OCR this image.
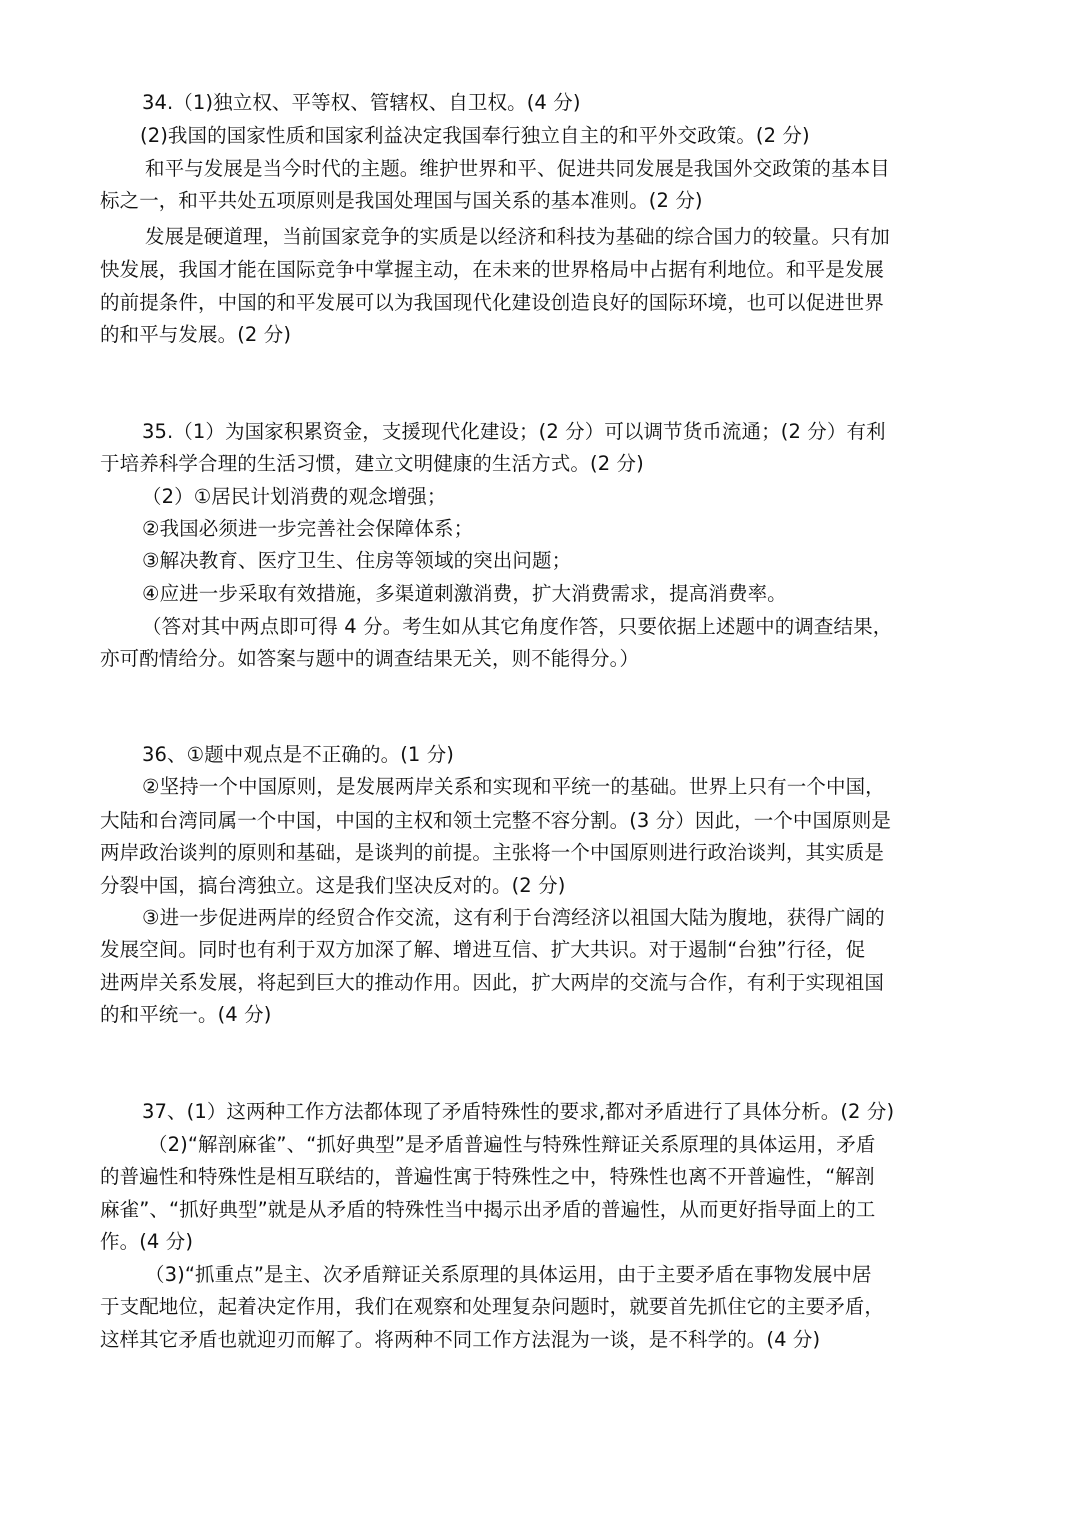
34.（1)独立权、平等权、管辖权、自卫权。(4 分)
(2)我国的国家性质和国家利益决定我国奉行独立自主的和平外交政策。(2 分)
和平与发展是当今时代的主题。维护世界和平、促进共同发展是我国外交政策的基本目
标之一，和平共处五项原则是我国处理国与国关系的基本准则。(2 分)
发展是硬道理，当前国家竞争的实质是以经济和科技为基础的综合国力的较量。只有加
快发展，我国才能在国际竞争中掌握主动，在未来的世界格局中占据有利地位。和平是发展
的前提条件，中国的和平发展可以为我国现代化建设创造良好的国际环境，也可以促进世界
的和平与发展。(2 分)
35.（1）为国家积累资金，支援现代化建设；(2 分）可以调节货币流通；(2 分）有利
于培养科学合理的生活习惯，建立文明健康的生活方式。(2 分)
（2）①居民计划消费的观念增强；
②我国必须进一步完善社会保障体系；
③解决教育、医疗卫生、住房等领域的突出问题；
④应进一步采取有效措施，多渠道刺激消费，扩大消费需求，提高消费率。
（答对其中两点即可得 4 分。考生如从其它角度作答，只要依据上述题中的调查结果，
亦可酌情给分。如答案与题中的调查结果无关，则不能得分。）
36、①题中观点是不正确的。(1 分)
②坚持一个中国原则，是发展两岸关系和实现和平统一的基础。世界上只有一个中国，
大陆和台湾同属一个中国，中国的主权和领土完整不容分割。(3 分）因此，一个中国原则是
两岸政治谈判的原则和基础，是谈判的前提。主张将一个中国原则进行政治谈判，其实质是
分裂中国，搞台湾独立。这是我们坚决反对的。(2 分)
③进一步促进两岸的经贸合作交流，这有利于台湾经济以祖国大陆为腹地，获得广阔的
发展空间。同时也有利于双方加深了解、增进互信、扩大共识。对于遏制“台独”行径，促
进两岸关系发展，将起到巨大的推动作用。因此，扩大两岸的交流与合作，有利于实现祖国
的和平统一。(4 分)
37、(1）这两种工作方法都体现了矛盾特殊性的要求,都对矛盾进行了具体分析。(2 分)
（2)“解剖麻雀”、“抓好典型”是矛盾普遍性与特殊性辩证关系原理的具体运用，矛盾
的普遍性和特殊性是相互联结的，普遍性寓于特殊性之中，特殊性也离不开普遍性，“解剖
麻雀”、“抓好典型”就是从矛盾的特殊性当中揭示出矛盾的普遍性，从而更好指导面上的工
作。(4 分)
（3)“抓重点”是主、次矛盾辩证关系原理的具体运用，由于主要矛盾在事物发展中居
于支配地位，起着决定作用，我们在观察和处理复杂问题时，就要首先抓住它的主要矛盾，
这样其它矛盾也就迎刃而解了。将两种不同工作方法混为一谈，是不科学的。(4 分)
